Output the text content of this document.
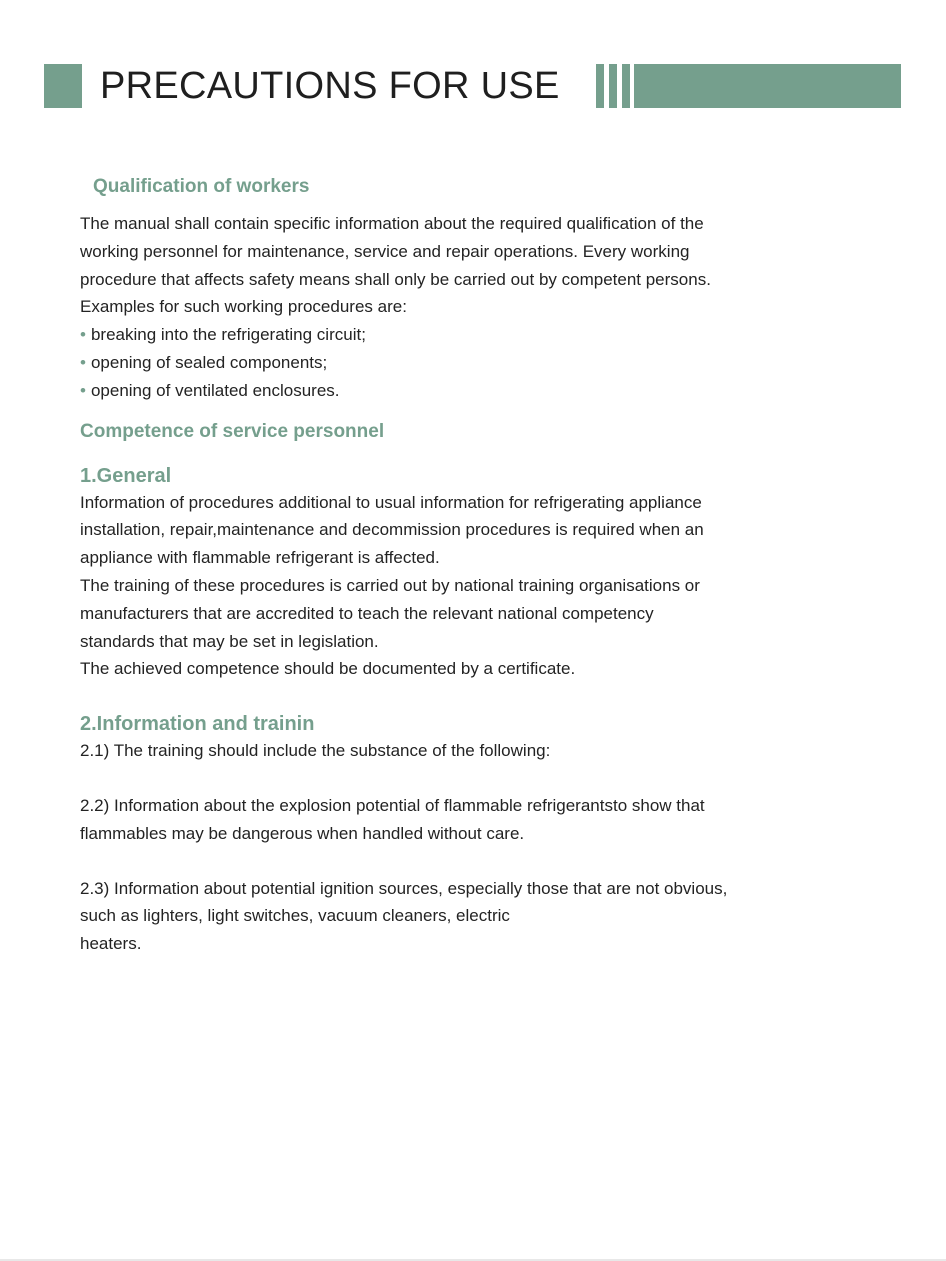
PRECAUTIONS FOR USE

Qualification of workers

The manual shall contain specific information about the required qualification of the

working personnel for maintenance, service and repair operations. Every working

procedure that affects safety means shall only be carried out by competent persons.

Examples for such working procedures are:

• breaking into the refrigerating circuit;

• opening of sealed components;

• opening of ventilated enclosures.

Competence of service personnel

1.General

Information of procedures additional to usual information for refrigerating appliance

installation, repair,maintenance and decommission procedures is required when an

appliance with flammable refrigerant is affected.

The training of these procedures is carried out by national training organisations or

manufacturers that are accredited to teach the relevant national competency

standards that may be set in legislation.

The achieved competence should be documented by a certificate.

2.Information and trainin

2.1) The training should include the substance of the following:

2.2) Information about the explosion potential of flammable refrigerantsto show that

flammables may be dangerous when handled without care.

2.3) Information about potential ignition sources, especially those that are not obvious,

such as lighters, light switches, vacuum cleaners, electric

heaters.
